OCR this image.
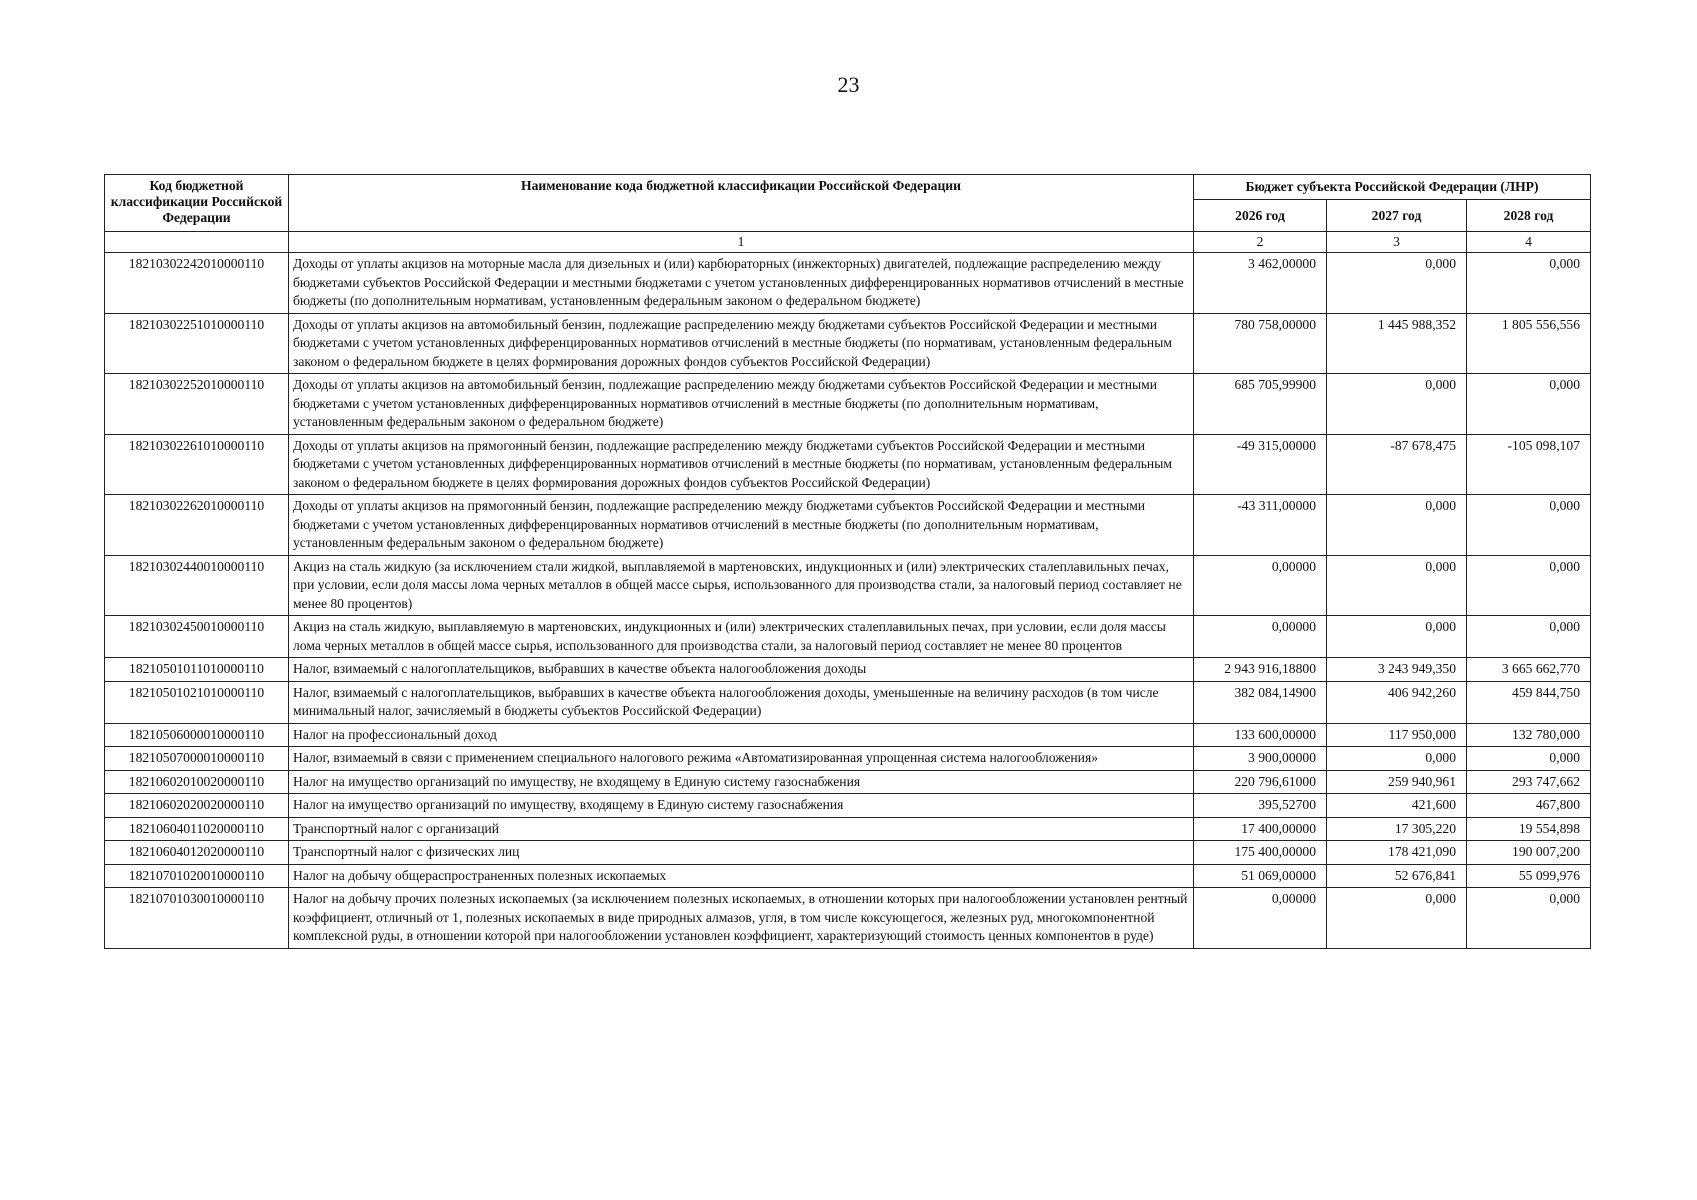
23
Код бюджетной классификации Российской Федерации	Наименование кода бюджетной классификации Российской Федерации	Бюджет субъекта Российской Федерации (ЛНР)		
		2026 год	2027 год	2028 год
	1	2	3	4
18210302242010000110	Доходы от уплаты акцизов на моторные масла для дизельных и (или) карбюраторных (инжекторных) двигателей, подлежащие распределению между бюджетами субъектов Российской Федерации и местными бюджетами с учетом установленных дифференцированных нормативов отчислений в местные бюджеты (по дополнительным нормативам, установленным федеральным законом о федеральном бюджете)	3 462,00000	0,000	0,000
18210302251010000110	Доходы от уплаты акцизов на автомобильный бензин, подлежащие распределению между бюджетами субъектов Российской Федерации и местными бюджетами с учетом установленных дифференцированных нормативов отчислений в местные бюджеты (по нормативам, установленным федеральным законом о федеральном бюджете в целях формирования дорожных фондов субъектов Российской Федерации)	780 758,00000	1 445 988,352	1 805 556,556
18210302252010000110	Доходы от уплаты акцизов на автомобильный бензин, подлежащие распределению между бюджетами субъектов Российской Федерации и местными бюджетами с учетом установленных дифференцированных нормативов отчислений в местные бюджеты (по дополнительным нормативам, установленным федеральным законом о федеральном бюджете)	685 705,99900	0,000	0,000
18210302261010000110	Доходы от уплаты акцизов на прямогонный бензин, подлежащие распределению между бюджетами субъектов Российской Федерации и местными бюджетами с учетом установленных дифференцированных нормативов отчислений в местные бюджеты (по нормативам, установленным федеральным законом о федеральном бюджете в целях формирования дорожных фондов субъектов Российской Федерации)	-49 315,00000	-87 678,475	-105 098,107
18210302262010000110	Доходы от уплаты акцизов на прямогонный бензин, подлежащие распределению между бюджетами субъектов Российской Федерации и местными бюджетами с учетом установленных дифференцированных нормативов отчислений в местные бюджеты (по дополнительным нормативам, установленным федеральным законом о федеральном бюджете)	-43 311,00000	0,000	0,000
18210302440010000110	Акциз на сталь жидкую (за исключением стали жидкой, выплавляемой в мартеновских, индукционных и (или) электрических сталеплавильных печах, при условии, если доля массы лома черных металлов в общей массе сырья, использованного для производства стали, за налоговый период составляет не менее 80 процентов)	0,00000	0,000	0,000
18210302450010000110	Акциз на сталь жидкую, выплавляемую в мартеновских, индукционных и (или) электрических сталеплавильных печах, при условии, если доля массы лома черных металлов в общей массе сырья, использованного для производства стали, за налоговый период составляет не менее 80 процентов	0,00000	0,000	0,000
18210501011010000110	Налог, взимаемый с налогоплательщиков, выбравших в качестве объекта налогообложения доходы	2 943 916,18800	3 243 949,350	3 665 662,770
18210501021010000110	Налог, взимаемый с налогоплательщиков, выбравших в качестве объекта налогообложения доходы, уменьшенные на величину расходов (в том числе минимальный налог, зачисляемый в бюджеты субъектов Российской Федерации)	382 084,14900	406 942,260	459 844,750
18210506000010000110	Налог на профессиональный доход	133 600,00000	117 950,000	132 780,000
18210507000010000110	Налог, взимаемый в связи с применением специального налогового режима «Автоматизированная упрощенная система налогообложения»	3 900,00000	0,000	0,000
18210602010020000110	Налог на имущество организаций по имуществу, не входящему в Единую систему газоснабжения	220 796,61000	259 940,961	293 747,662
18210602020020000110	Налог на имущество организаций по имуществу, входящему в Единую систему газоснабжения	395,52700	421,600	467,800
18210604011020000110	Транспортный налог с организаций	17 400,00000	17 305,220	19 554,898
18210604012020000110	Транспортный налог с физических лиц	175 400,00000	178 421,090	190 007,200
18210701020010000110	Налог на добычу общераспространенных полезных ископаемых	51 069,00000	52 676,841	55 099,976
18210701030010000110	Налог на добычу прочих полезных ископаемых (за исключением полезных ископаемых, в отношении которых при налогообложении установлен рентный коэффициент, отличный от 1, полезных ископаемых в виде природных алмазов, угля, в том числе коксующегося, железных руд, многокомпонентной комплексной руды, в отношении которой при налогообложении установлен коэффициент, характеризующий стоимость ценных компонентов в руде)	0,00000	0,000	0,000
